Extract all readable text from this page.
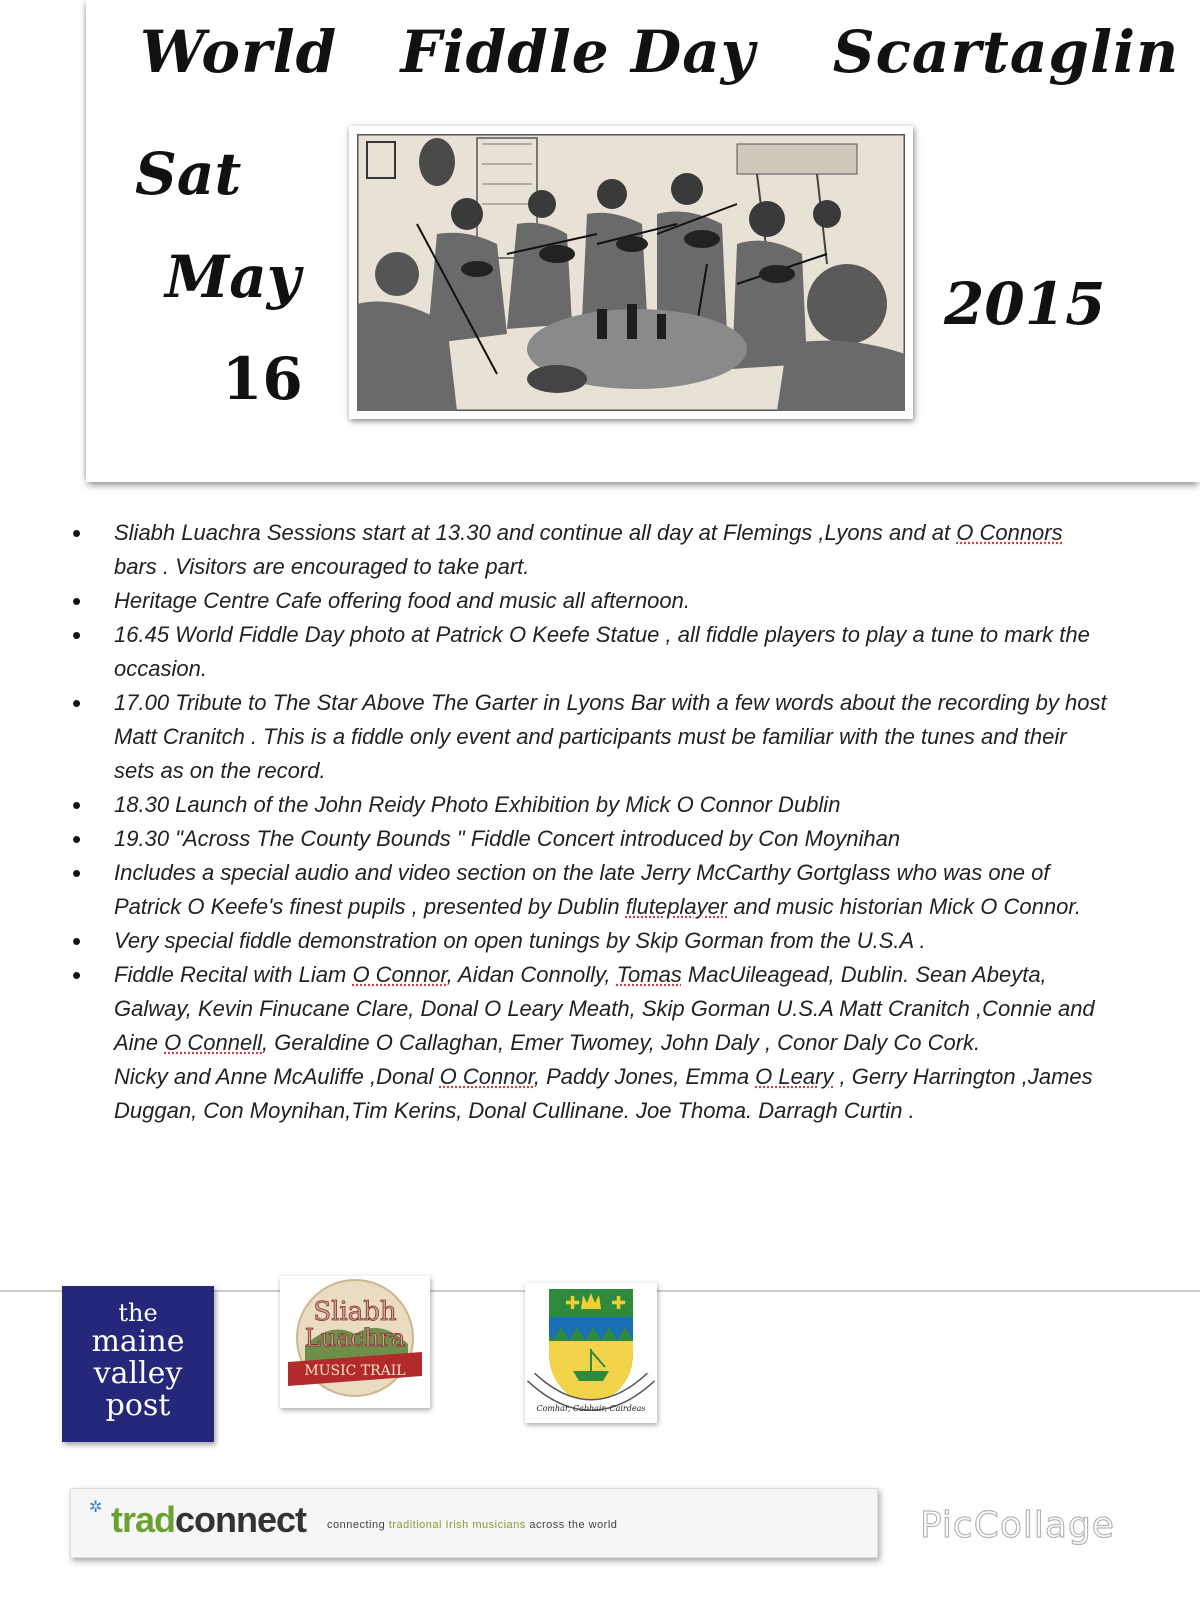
World Fiddle Day Scartaglin
Sat
May
16
2015
• Sliabh Luachra Sessions start at 13.30 and continue all day at Flemings ,Lyons and at O Connors bars . Visitors are encouraged to take part.
• Heritage Centre Cafe offering food and music all afternoon.
• 16.45 World Fiddle Day photo at Patrick O Keefe Statue , all fiddle players to play a tune to mark the occasion.
• 17.00 Tribute to The Star Above The Garter in Lyons Bar with a few words about the recording by host Matt Cranitch . This is a fiddle only event and participants must be familiar with the tunes and their sets as on the record.
• 18.30 Launch of the John Reidy Photo Exhibition by Mick O Connor Dublin
• 19.30 "Across The County Bounds " Fiddle Concert introduced by Con Moynihan
• Includes a special audio and video section on the late Jerry McCarthy Gortglass who was one of Patrick O Keefe's finest pupils , presented by Dublin fluteplayer and music historian Mick O Connor.
• Very special fiddle demonstration on open tunings by Skip Gorman from the U.S.A .
• Fiddle Recital with Liam O Connor, Aidan Connolly, Tomas MacUileagead, Dublin. Sean Abeyta, Galway, Kevin Finucane Clare, Donal O Leary Meath, Skip Gorman U.S.A Matt Cranitch ,Connie and Aine O Connell, Geraldine O Callaghan, Emer Twomey, John Daly , Conor Daly Co Cork.
Nicky and Anne McAuliffe ,Donal O Connor, Paddy Jones, Emma O Leary , Gerry Harrington ,James Duggan, Con Moynihan,Tim Kerins, Donal Cullinane. Joe Thoma. Darragh Curtin .
the
maine
valley
post
Sliabh
Luachra
MUSIC TRAIL
✚ ✚
Comhar, Cabhair, Cairdeas
✲ tradconnect connecting traditional Irish musicians across the world	PicCollage
